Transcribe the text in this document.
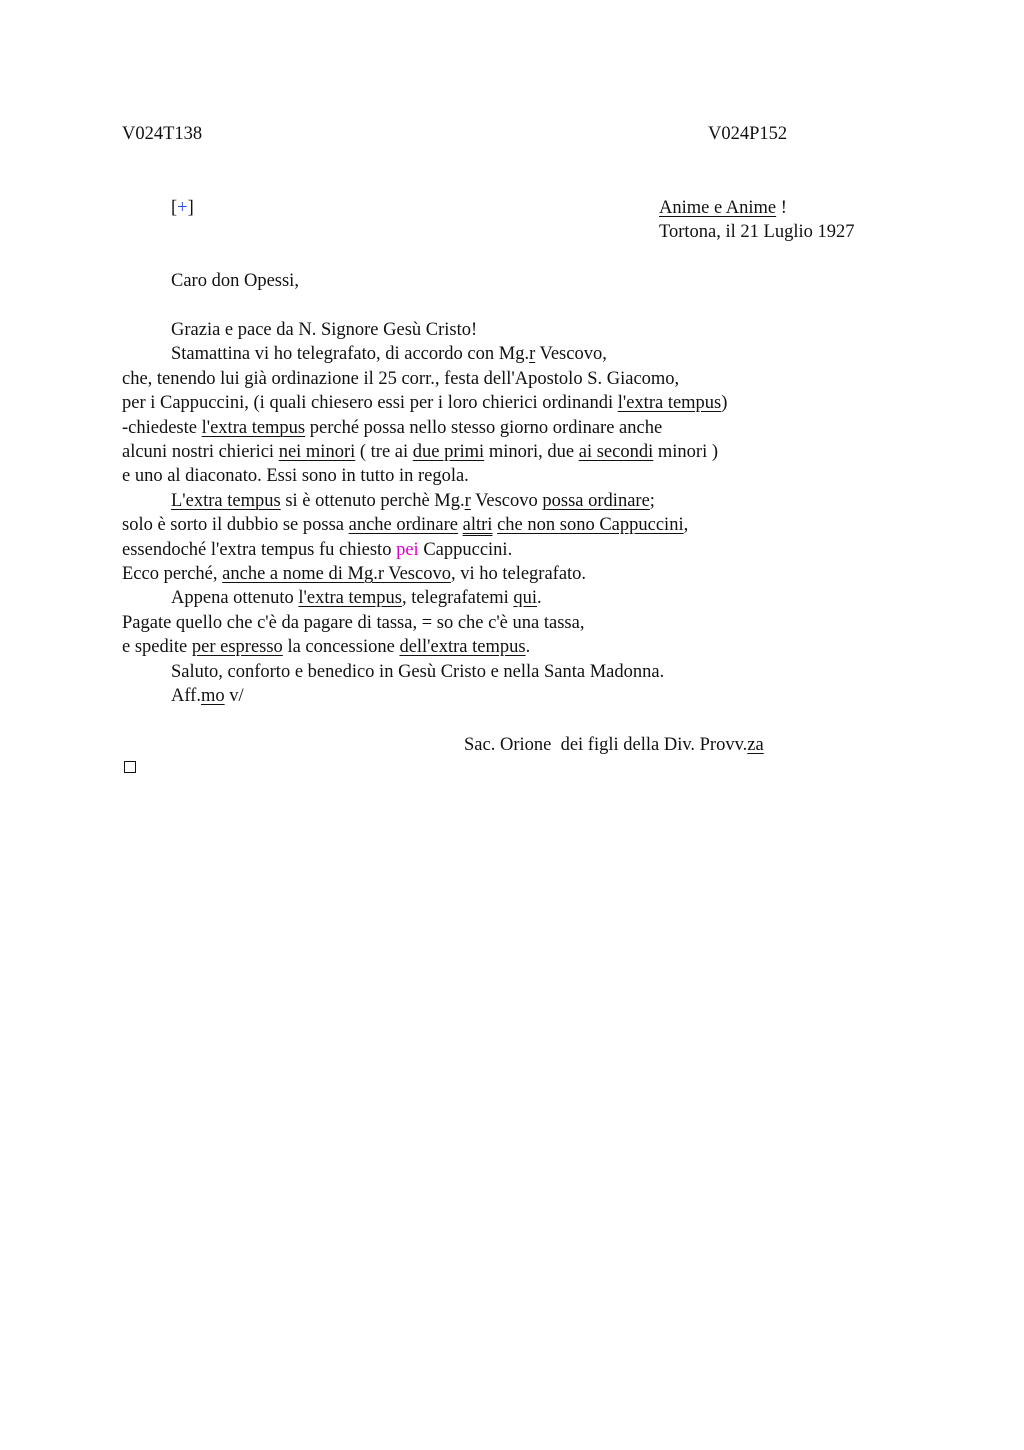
V024T138	V024P152
[+]	Anime e Anime !
Tortona, il 21 Luglio 1927
Caro don Opessi,
Grazia e pace da N. Signore Gesù Cristo!
Stamattina vi ho telegrafato, di accordo con Mg.r Vescovo,
che, tenendo lui già ordinazione il 25 corr., festa dell'Apostolo S. Giacomo,
per i Cappuccini, (i quali chiesero essi per i loro chierici ordinandi l'extra tempus)
-chiedeste l'extra tempus perché possa nello stesso giorno ordinare anche
alcuni nostri chierici nei minori ( tre ai due primi minori, due ai secondi minori )
e uno al diaconato. Essi sono in tutto in regola.
L'extra tempus si è ottenuto perchè Mg.r Vescovo possa ordinare;
solo è sorto il dubbio se possa anche ordinare altri che non sono Cappuccini,
essendoché l'extra tempus fu chiesto pei Cappuccini.
Ecco perché, anche a nome di Mg.r Vescovo, vi ho telegrafato.
Appena ottenuto l'extra tempus, telegrafatemi qui.
Pagate quello che c'è da pagare di tassa, = so che c'è una tassa,
e spedite per espresso la concessione dell'extra tempus.
Saluto, conforto e benedico in Gesù Cristo e nella Santa Madonna.
Aff.mo v/
Sac. Orione  dei figli della Div. Provv.za
